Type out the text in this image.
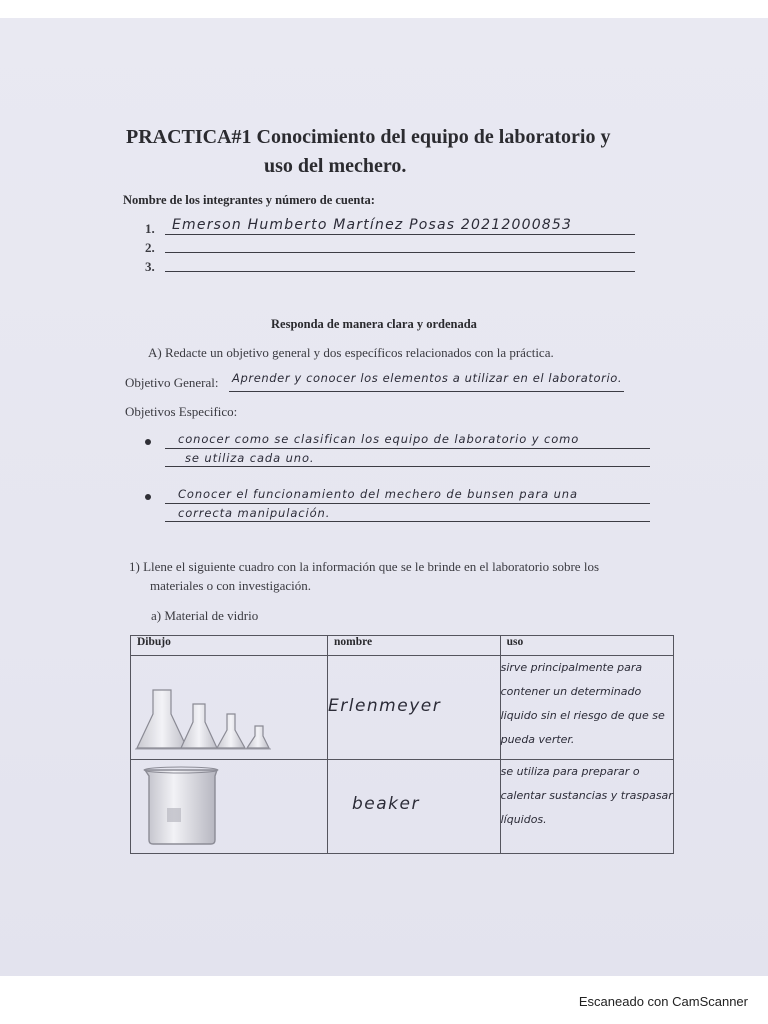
PRACTICA#1 Conocimiento del equipo de laboratorio y
uso del mechero.
Nombre de los integrantes y número de cuenta:
1. Emerson Humberto Martínez Posas 20212000853
2.
3.
Responda de manera clara y ordenada
A) Redacte un objetivo general y dos específicos relacionados con la práctica.
Objetivo General: Aprender y conocer los elementos a utilizar en el laboratorio.
Objetivos Especifico:
conocer como se clasifican los equipo de laboratorio y como
se utiliza cada uno.
Conocer el funcionamiento del mechero de bunsen para una
correcta manipulación.
1) Llene el siguiente cuadro con la información que se le brinde en el laboratorio sobre los
materiales o con investigación.
a) Material de vidrio
Dibujo	nombre	uso
	Erlenmeyer	sirve principalmente para contener un determinado liquido sin el riesgo de que se pueda verter.
	beaker	se utiliza para preparar o calentar sustancias y traspasar líquidos.
Escaneado con CamScanner
